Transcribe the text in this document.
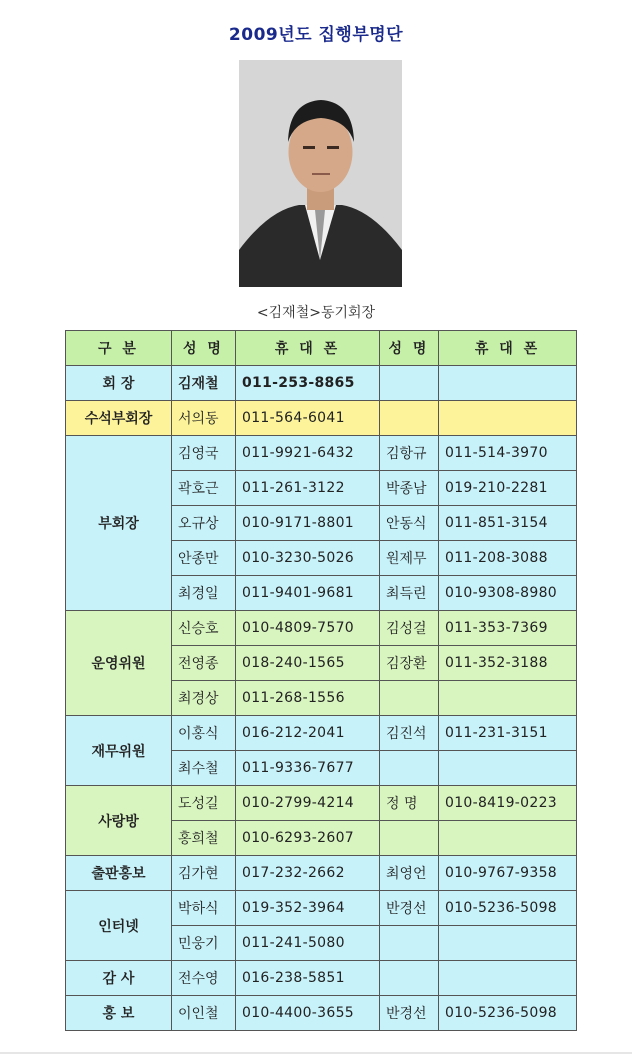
2009년도 집행부명단
<김재철>동기회장
구 분	성 명	휴 대 폰	성 명	휴 대 폰
회 장	김재철	011-253-8865		
수석부회장	서의동	011-564-6041		
부회장	김영국	011-9921-6432	김항규	011-514-3970
	곽호근	011-261-3122	박종남	019-210-2281
	오규상	010-9171-8801	안동식	011-851-3154
	안종만	010-3230-5026	원제무	011-208-3088
	최경일	011-9401-9681	최득린	010-9308-8980
운영위원	신승호	010-4809-7570	김성걸	011-353-7369
	전영종	018-240-1565	김장환	011-352-3188
	최경상	011-268-1556		
재무위원	이홍식	016-212-2041	김진석	011-231-3151
	최수철	011-9336-7677		
사랑방	도성길	010-2799-4214	정 명	010-8419-0223
	홍희철	010-6293-2607		
출판홍보	김가현	017-232-2662	최영언	010-9767-9358
인터넷	박하식	019-352-3964	반경선	010-5236-5098
	민웅기	011-241-5080		
감 사	전수영	016-238-5851		
홍 보	이인철	010-4400-3655	반경선	010-5236-5098
